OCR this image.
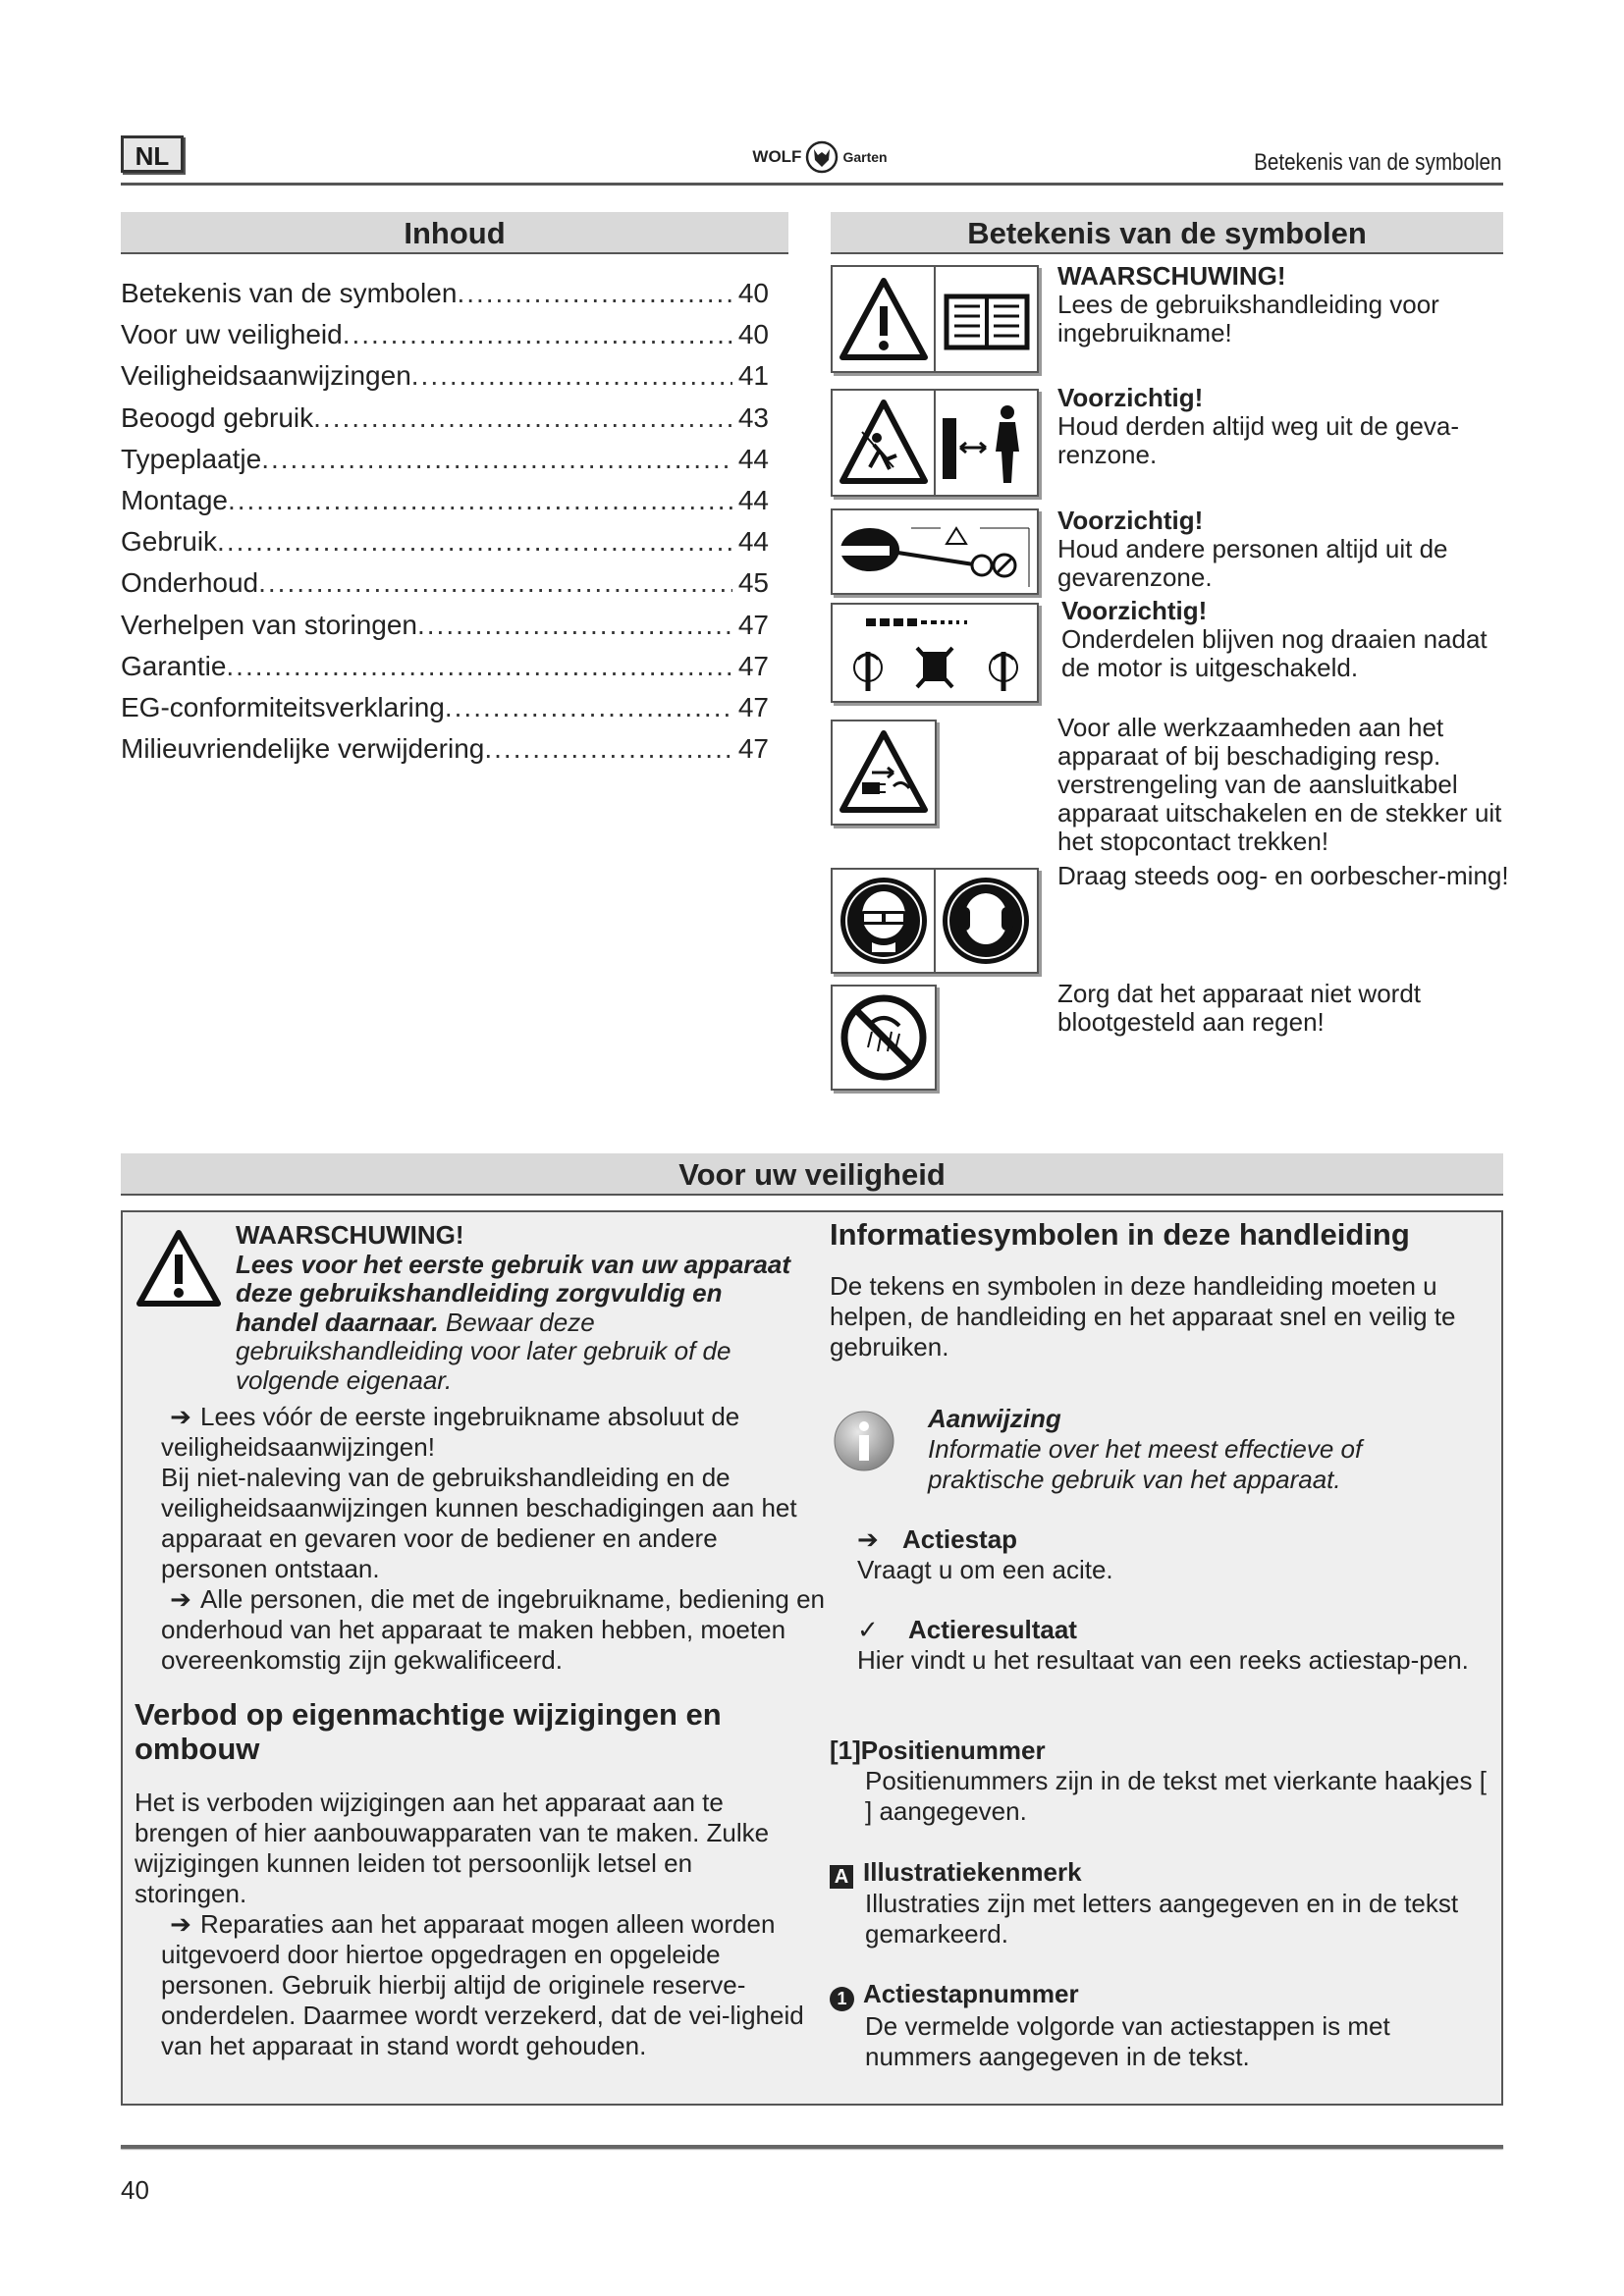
NL	WOLF	Garten	Betekenis van de symbolen
Inhoud
Betekenis van de symbolen .....	40
Voor uw veiligheid .....	40
Veiligheidsaanwijzingen .....	41
Beoogd gebruik .....	43
Typeplaatje .....	44
Montage .....	44
Gebruik .....	44
Onderhoud .....	45
Verhelpen van storingen .....	47
Garantie .....	47
EG-conformiteitsverklaring .....	47
Milieuvriendelijke verwijdering .....	47
Betekenis van de symbolen
WAARSCHUWING!
Lees de gebruikshandleiding voor ingebruikname!
Voorzichtig!
Houd derden altijd weg uit de geva-renzone.
Voorzichtig!
Houd andere personen altijd uit de gevarenzone.
Voorzichtig!
Onderdelen blijven nog draaien nadat de motor is uitgeschakeld.
Voor alle werkzaamheden aan het apparaat of bij beschadiging resp. verstrengeling van de aansluitkabel apparaat uitschakelen en de stekker uit het stopcontact trekken!
Draag steeds oog- en oorbescher-ming!
Zorg dat het apparaat niet wordt blootgesteld aan regen!
Voor uw veiligheid
WAARSCHUWING!
Lees voor het eerste gebruik van uw apparaat deze gebruikshandleiding zorgvuldig en handel daarnaar. Bewaar deze gebruikshandleiding voor later gebruik of de volgende eigenaar.
➔ Lees vóór de eerste ingebruikname absoluut de veiligheidsaanwijzingen!
Bij niet-naleving van de gebruikshandleiding en de veiligheidsaanwijzingen kunnen beschadigingen aan het apparaat en gevaren voor de bediener en andere personen ontstaan.
➔ Alle personen, die met de ingebruikname, bediening en onderhoud van het apparaat te maken hebben, moeten overeenkomstig zijn gekwalificeerd.
Verbod op eigenmachtige wijzigingen en ombouw
Het is verboden wijzigingen aan het apparaat aan te brengen of hier aanbouwapparaten van te maken. Zulke wijzigingen kunnen leiden tot persoonlijk letsel en storingen.
➔ Reparaties aan het apparaat mogen alleen worden uitgevoerd door hiertoe opgedragen en opgeleide personen. Gebruik hierbij altijd de originele reserve-onderdelen. Daarmee wordt verzekerd, dat de vei-ligheid van het apparaat in stand wordt gehouden.
Informatiesymbolen in deze handleiding
De tekens en symbolen in deze handleiding moeten u helpen, de handleiding en het apparaat snel en veilig te gebruiken.
Aanwijzing
Informatie over het meest effectieve of praktische gebruik van het apparaat.
➔ Actiestap
Vraagt u om een acite.
✓ Actieresultaat
Hier vindt u het resultaat van een reeks actiestap-pen.
[1]Positienummer
Positienummers zijn in de tekst met vierkante haakjes [ ] aangegeven.
A Illustratiekenmerk
Illustraties zijn met letters aangegeven en in de tekst gemarkeerd.
1 Actiestapnummer
De vermelde volgorde van actiestappen is met nummers aangegeven in de tekst.
40
